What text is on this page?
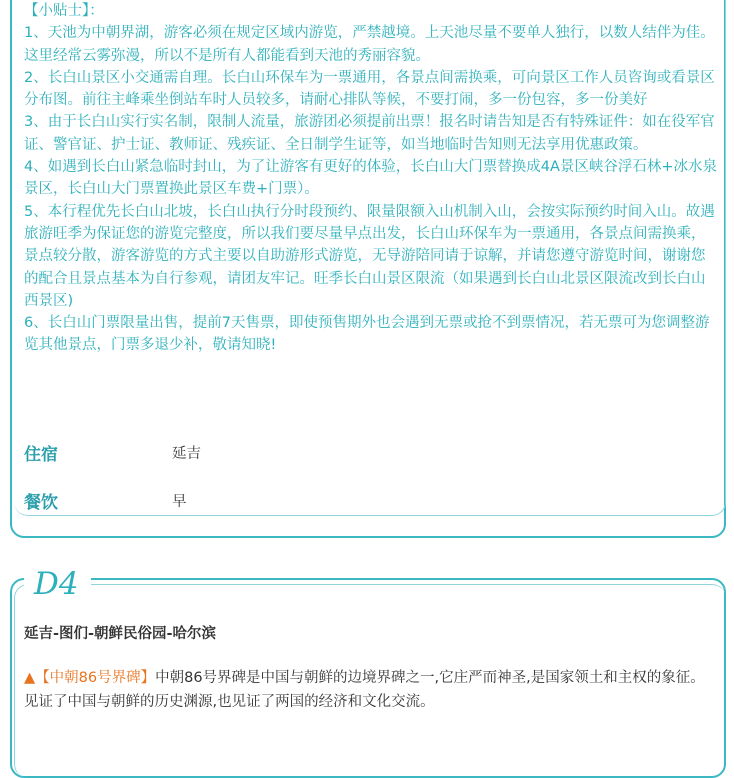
【小贴士】：

1、天池为中朝界湖，游客必须在规定区域内游览，严禁越境。上天池尽量不要单人独行，以数人结伴为佳。这里经常云雾弥漫，所以不是所有人都能看到天池的秀丽容貌。

2、长白山景区小交通需自理。长白山环保车为一票通用，各景点间需换乘，可向景区工作人员咨询或看景区分布图。前往主峰乘坐倒站车时人员较多，请耐心排队等候，不要打闹，多一份包容，多一份美好

3、由于长白山实行实名制，限制人流量，旅游团必须提前出票！报名时请告知是否有特殊证件：如在役军官证、警官证、护士证、教师证、残疾证、全日制学生证等，如当地临时告知则无法享用优惠政策。

4、如遇到长白山紧急临时封山，为了让游客有更好的体验，长白山大门票替换成4A景区峡谷浮石林+冰水泉景区，长白山大门票置换此景区车费+门票）。

5、本行程优先长白山北坡，长白山执行分时段预约、限量限额入山机制入山，会按实际预约时间入山。故遇旅游旺季为保证您的游览完整度，所以我们要尽量早点出发，长白山环保车为一票通用，各景点间需换乘，景点较分散，游客游览的方式主要以自助游形式游览，无导游陪同请于谅解，并请您遵守游览时间，谢谢您的配合且景点基本为自行参观，请团友牢记。旺季长白山景区限流（如果遇到长白山北景区限流改到长白山西景区)

6、长白山门票限量出售，提前7天售票，即使预售期外也会遇到无票或抢不到票情况，若无票可为您调整游览其他景点，门票多退少补，敬请知晓!

住宿	延吉
餐饮	早
D4
延吉-图们-朝鲜民俗园-哈尔滨
▲【中朝86号界碑】中朝86号界碑是中国与朝鲜的边境界碑之一,它庄严而神圣,是国家领土和主权的象征。见证了中国与朝鲜的历史渊源,也见证了两国的经济和文化交流。
